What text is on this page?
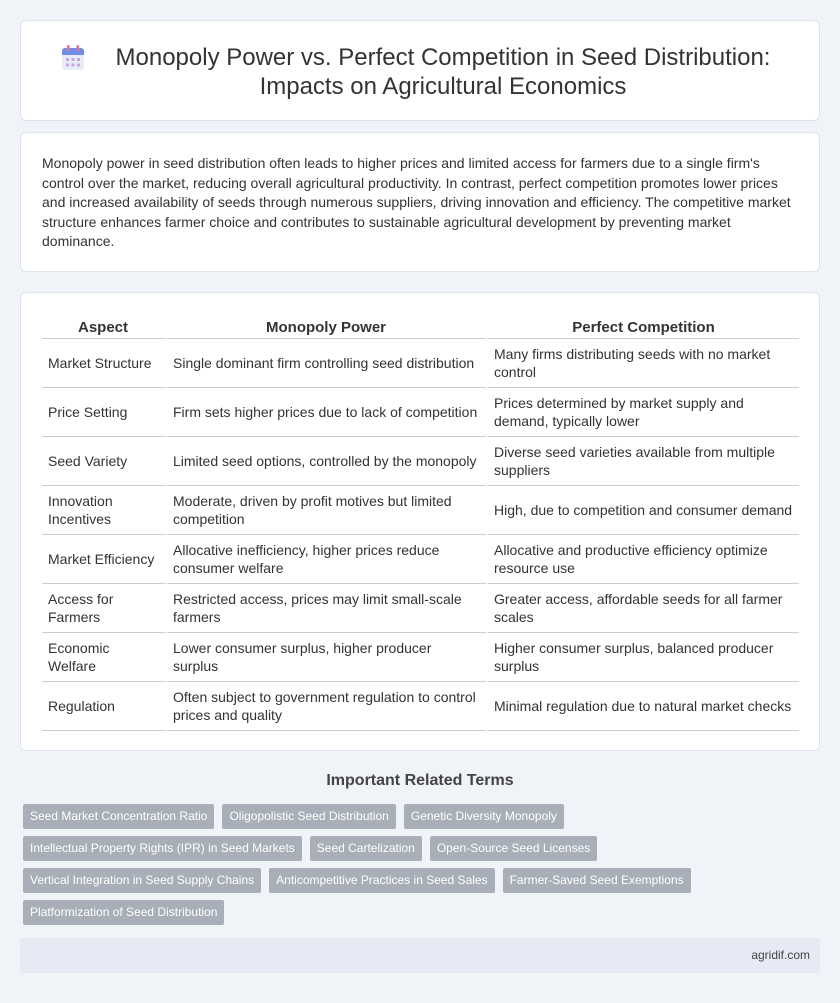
Monopoly Power vs. Perfect Competition in Seed Distribution: Impacts on Agricultural Economics

Monopoly power in seed distribution often leads to higher prices and limited access for farmers due to a single firm's control over the market, reducing overall agricultural productivity. In contrast, perfect competition promotes lower prices and increased availability of seeds through numerous suppliers, driving innovation and efficiency. The competitive market structure enhances farmer choice and contributes to sustainable agricultural development by preventing market dominance.

Aspect	Monopoly Power	Perfect Competition
Market Structure	Single dominant firm controlling seed distribution	Many firms distributing seeds with no market control
Price Setting	Firm sets higher prices due to lack of competition	Prices determined by market supply and demand, typically lower
Seed Variety	Limited seed options, controlled by the monopoly	Diverse seed varieties available from multiple suppliers
Innovation Incentives	Moderate, driven by profit motives but limited competition	High, due to competition and consumer demand
Market Efficiency	Allocative inefficiency, higher prices reduce consumer welfare	Allocative and productive efficiency optimize resource use
Access for Farmers	Restricted access, prices may limit small-scale farmers	Greater access, affordable seeds for all farmer scales
Economic Welfare	Lower consumer surplus, higher producer surplus	Higher consumer surplus, balanced producer surplus
Regulation	Often subject to government regulation to control prices and quality	Minimal regulation due to natural market checks
Important Related Terms
Seed Market Concentration Ratio	Oligopolistic Seed Distribution	Genetic Diversity Monopoly
Intellectual Property Rights (IPR) in Seed Markets	Seed Cartelization	Open-Source Seed Licenses
Vertical Integration in Seed Supply Chains	Anticompetitive Practices in Seed Sales	Farmer-Saved Seed Exemptions
Platformization of Seed Distribution
agridif.com
